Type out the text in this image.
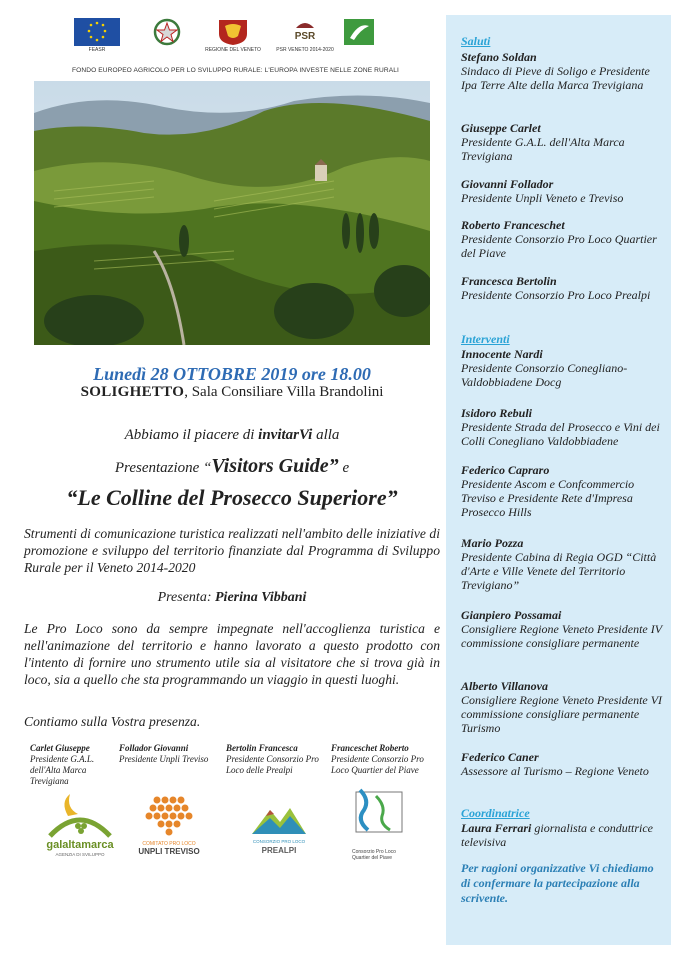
FEASR	REGIONE DEL VENETO
PSR
PSR VENETO 2014-2020
FONDO EUROPEO AGRICOLO PER LO SVILUPPO RURALE: L'EUROPA INVESTE NELLE ZONE RURALI
Lunedì 28 OTTOBRE 2019 ore 18.00
SOLIGHETTO, Sala Consiliare Villa Brandolini
Abbiamo il piacere di invitarVi alla
Presentazione “Visitors Guide” e
“Le Colline del Prosecco Superiore”
Strumenti di comunicazione turistica realizzati nell'ambito delle iniziative di promozione e sviluppo del territorio finanziate dal Programma di Sviluppo Rurale per il Veneto 2014-2020
Presenta: Pierina Vibbani
Le Pro Loco sono da sempre impegnate nell'accoglienza turistica e nell'animazione del territorio e hanno lavorato a questo prodotto con l'intento di fornire uno strumento utile sia al visitatore che si trova già in loco, sia a quello che sta programmando un viaggio in questi luoghi.
Contiamo sulla Vostra presenza.
Carlet Giuseppe
Presidente G.A.L. dell'Alta Marca Trevigiana
Follador Giovanni
Presidente Unpli Treviso
Bertolin Francesca
Presidente Consorzio Pro Loco delle Prealpi
Franceschet Roberto
Presidente Consorzio Pro Loco Quartier del Piave
galaltamarca
AGENZIA DI SVILUPPO
COMITATO PRO LOCO
UNPLI TREVISO
CONSORZIO PRO LOCO
PREALPI	Consorzio Pro Loco Quartier del Piave
Saluti
Stefano Soldan
Sindaco di Pieve di Soligo e Presidente Ipa Terre Alte della Marca Trevigiana
Giuseppe Carlet
Presidente G.A.L. dell'Alta Marca Trevigiana
Giovanni Follador
Presidente Unpli Veneto e Treviso
Roberto Franceschet
Presidente Consorzio Pro Loco Quartier del Piave
Francesca Bertolin
Presidente Consorzio Pro Loco Prealpi
Interventi
Innocente Nardi
Presidente Consorzio Conegliano-Valdobbiadene Docg
Isidoro Rebuli
Presidente Strada del Prosecco e Vini dei Colli Conegliano Valdobbiadene
Federico Capraro
Presidente Ascom e Confcommercio Treviso e Presidente Rete d'Impresa Prosecco Hills
Mario Pozza
Presidente Cabina di Regia OGD “Città d'Arte e Ville Venete del Territorio Trevigiano”
Gianpiero Possamai
Consigliere Regione Veneto Presidente IV commissione consigliare permanente
Alberto Villanova
Consigliere Regione Veneto Presidente VI commissione consigliare permanente Turismo
Federico Caner
Assessore al Turismo – Regione Veneto
Coordinatrice
Laura Ferrari giornalista e conduttrice televisiva
Per ragioni organizzative Vi chiediamo di confermare la partecipazione alla scrivente.
